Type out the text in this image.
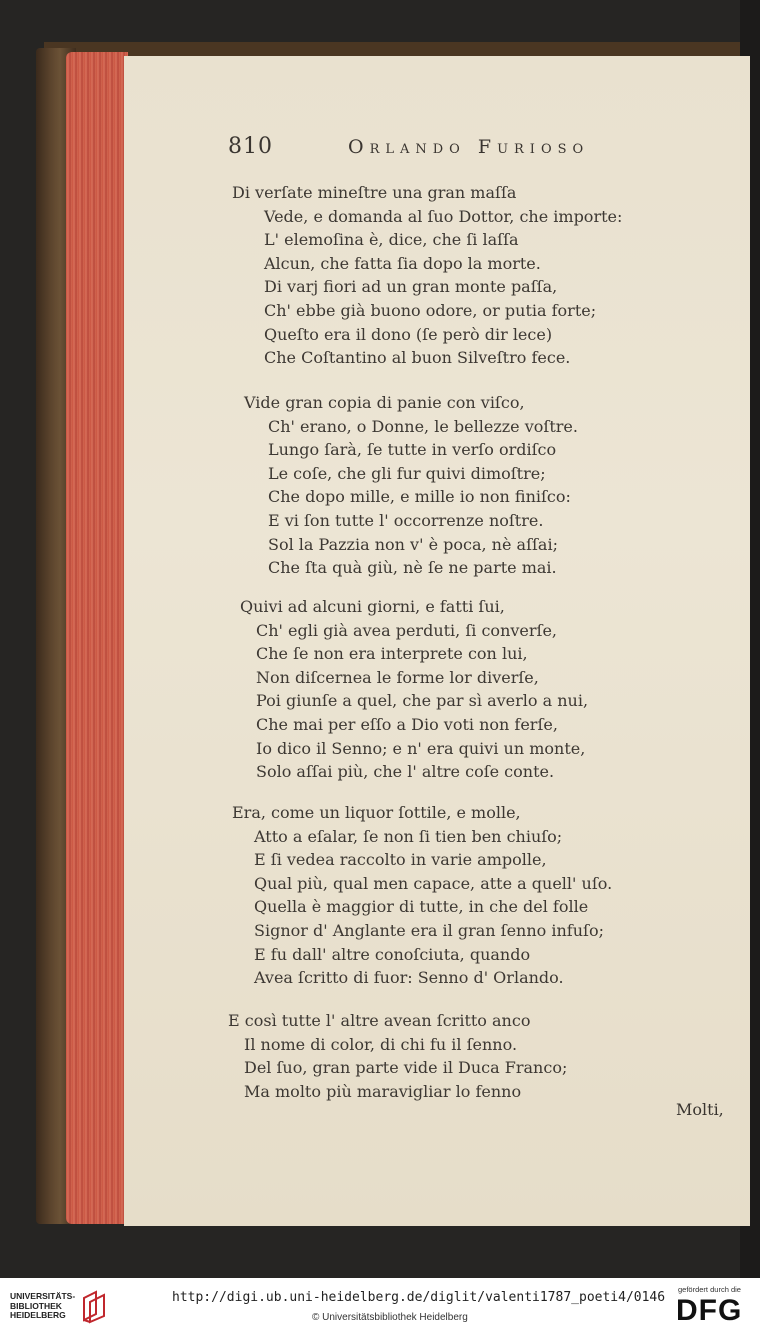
810	Orlando Furioso
Di verſate mineſtre una gran maſſa
Vede, e domanda al ſuo Dottor, che importe:
L' elemoſina è, dice, che ſi laſſa
Alcun, che fatta ſia dopo la morte.
Di varj fiori ad un gran monte paſſa,
Ch' ebbe già buono odore, or putia forte;
Queſto era il dono (ſe però dir lece)
Che Coſtantino al buon Silveſtro fece.
Vide gran copia di panie con viſco,
Ch' erano, o Donne, le bellezze voſtre.
Lungo ſarà, ſe tutte in verſo ordiſco
Le coſe, che gli fur quivi dimoſtre;
Che dopo mille, e mille io non finiſco:
E vi ſon tutte l' occorrenze noſtre.
Sol la Pazzia non v' è poca, nè aſſai;
Che ſta quà giù, nè ſe ne parte mai.
Quivi ad alcuni giorni, e fatti ſui,
Ch' egli già avea perduti, ſi converſe,
Che ſe non era interprete con lui,
Non diſcernea le forme lor diverſe,
Poi giunſe a quel, che par sì averlo a nui,
Che mai per eſſo a Dio voti non ferſe,
Io dico il Senno; e n' era quivi un monte,
Solo aſſai più, che l' altre coſe conte.
Era, come un liquor ſottile, e molle,
Atto a eſalar, ſe non ſi tien ben chiuſo;
E ſi vedea raccolto in varie ampolle,
Qual più, qual men capace, atte a quell' uſo.
Quella è maggior di tutte, in che del folle
Signor d' Anglante era il gran ſenno infuſo;
E fu dall' altre conoſciuta, quando
Avea ſcritto di fuor: Senno d' Orlando.
E così tutte l' altre avean ſcritto anco
Il nome di color, di chi fu il ſenno.
Del ſuo, gran parte vide il Duca Franco;
Ma molto più maravigliar lo fenno
Molti,
UNIVERSITÄTS-
BIBLIOTHEK
HEIDELBERG
http://digi.ub.uni-heidelberg.de/diglit/valenti1787_poeti4/0146
© Universitätsbibliothek Heidelberg
gefördert durch die
DFG
